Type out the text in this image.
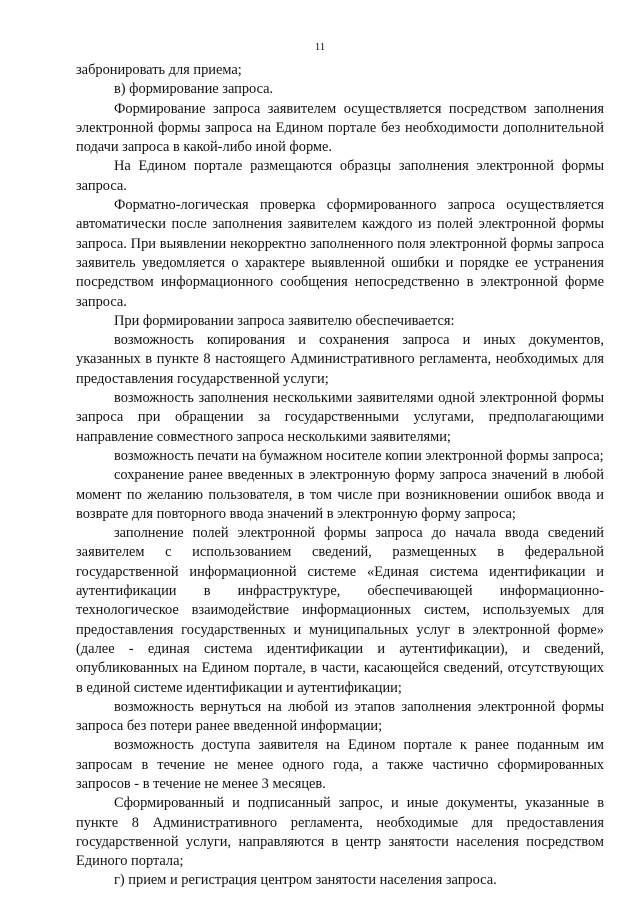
11

забронировать для приема;

в) формирование запроса.

Формирование запроса заявителем осуществляется посредством заполнения электронной формы запроса на Едином портале без необходимости дополнительной подачи запроса в какой-либо иной форме.

На Едином портале размещаются образцы заполнения электронной формы запроса.

Форматно-логическая проверка сформированного запроса осуществляется автоматически после заполнения заявителем каждого из полей электронной формы запроса. При выявлении некорректно заполненного поля электронной формы запроса заявитель уведомляется о характере выявленной ошибки и порядке ее устранения посредством информационного сообщения непосредственно в электронной форме запроса.

При формировании запроса заявителю обеспечивается:

возможность копирования и сохранения запроса и иных документов, указанных в пункте 8 настоящего Административного регламента, необходимых для предоставления государственной услуги;

возможность заполнения несколькими заявителями одной электронной формы запроса при обращении за государственными услугами, предполагающими направление совместного запроса несколькими заявителями;

возможность печати на бумажном носителе копии электронной формы запроса;

сохранение ранее введенных в электронную форму запроса значений в любой момент по желанию пользователя, в том числе при возникновении ошибок ввода и возврате для повторного ввода значений в электронную форму запроса;

заполнение полей электронной формы запроса до начала ввода сведений заявителем с использованием сведений, размещенных в федеральной государственной информационной системе «Единая система идентификации и аутентификации в инфраструктуре, обеспечивающей информационно-технологическое взаимодействие информационных систем, используемых для предоставления государственных и муниципальных услуг в электронной форме» (далее - единая система идентификации и аутентификации), и сведений, опубликованных на Едином портале, в части, касающейся сведений, отсутствующих в единой системе идентификации и аутентификации;

возможность вернуться на любой из этапов заполнения электронной формы запроса без потери ранее введенной информации;

возможность доступа заявителя на Едином портале к ранее поданным им запросам в течение не менее одного года, а также частично сформированных запросов - в течение не менее 3 месяцев.

Сформированный и подписанный запрос, и иные документы, указанные в пункте 8 Административного регламента, необходимые для предоставления государственной услуги, направляются в центр занятости населения посредством Единого портала;

г) прием и регистрация центром занятости населения запроса.
